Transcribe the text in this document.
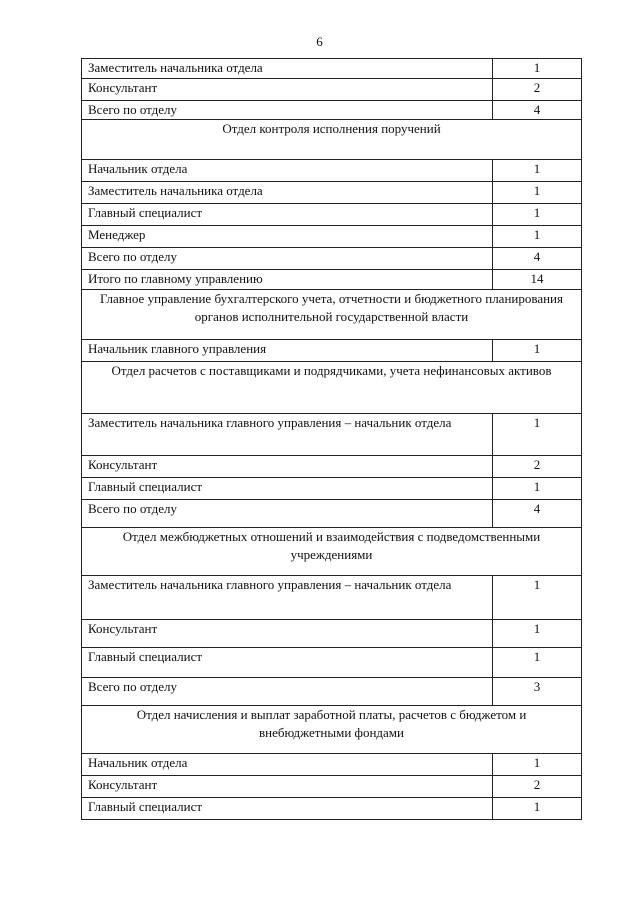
6
Заместитель начальника отдела	1
Консультант	2
Всего по отделу	4
Отдел контроля исполнения поручений	
Начальник отдела	1
Заместитель начальника отдела	1
Главный специалист	1
Менеджер	1
Всего по отделу	4
Итого по главному управлению	14
Главное управление бухгалтерского учета, отчетности и бюджетного планирования органов исполнительной государственной власти	
Начальник главного управления	1
Отдел расчетов с поставщиками и подрядчиками, учета нефинансовых активов	
Заместитель начальника главного управления – начальник отдела	1
Консультант	2
Главный специалист	1
Всего по отделу	4
Отдел межбюджетных отношений и взаимодействия с подведомственными учреждениями	
Заместитель начальника главного управления – начальник отдела	1
Консультант	1
Главный специалист	1
Всего по отделу	3
Отдел начисления и выплат заработной платы, расчетов с бюджетом и внебюджетными фондами	
Начальник отдела	1
Консультант	2
Главный специалист	1
